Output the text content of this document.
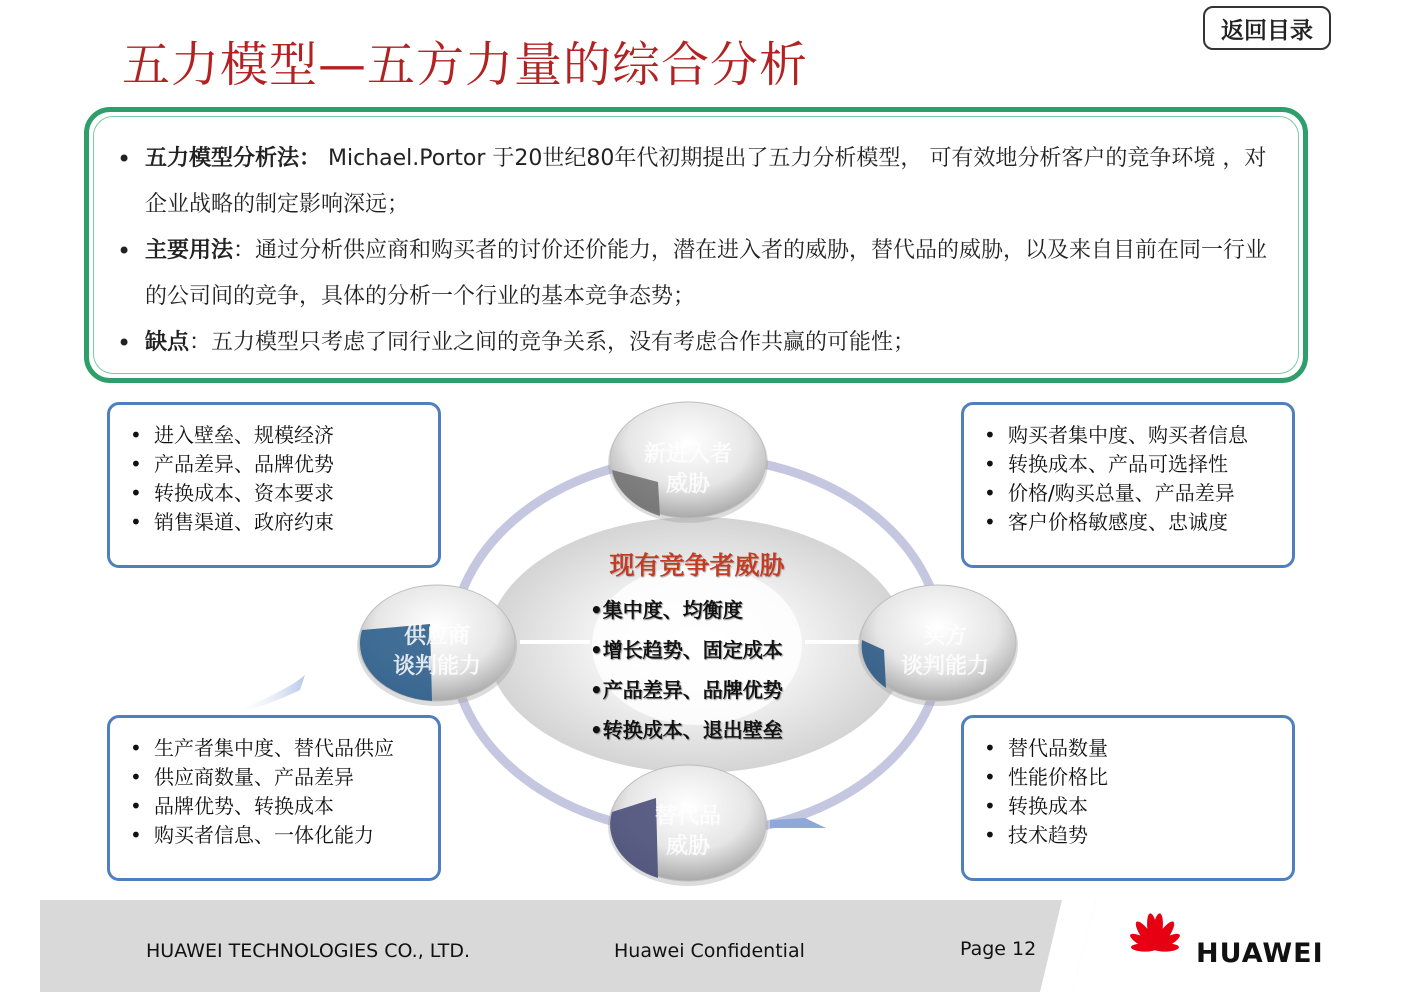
五力模型—五方力量的综合分析
返回目录
• 五力模型分析法： Michael.Portor 于20世纪80年代初期提出了五力分析模型， 可有效地分析客户的竞争环境 ，对企业战略的制定影响深远；
• 主要用法：通过分析供应商和购买者的讨价还价能力，潜在进入者的威胁，替代品的威胁，以及来自目前在同一行业的公司间的竞争，具体的分析一个行业的基本竞争态势；
• 缺点：五力模型只考虑了同行业之间的竞争关系，没有考虑合作共赢的可能性；
新进入者
威胁
供应商
谈判能力
买方
谈判能力
替代品
威胁
现有竞争者威胁
•集中度、均衡度
•增长趋势、固定成本
•产品差异、品牌优势
•转换成本、退出壁垒
• 进入壁垒、规模经济
• 产品差异、品牌优势
• 转换成本、资本要求
• 销售渠道、政府约束
• 购买者集中度、购买者信息
• 转换成本、产品可选择性
• 价格/购买总量、产品差异
• 客户价格敏感度、忠诚度
• 生产者集中度、替代品供应
• 供应商数量、产品差异
• 品牌优势、转换成本
• 购买者信息、一体化能力
• 替代品数量
• 性能价格比
• 转换成本
• 技术趋势
HUAWEI TECHNOLOGIES CO., LTD.	Huawei Confidential	Page 12	HUAWEI
